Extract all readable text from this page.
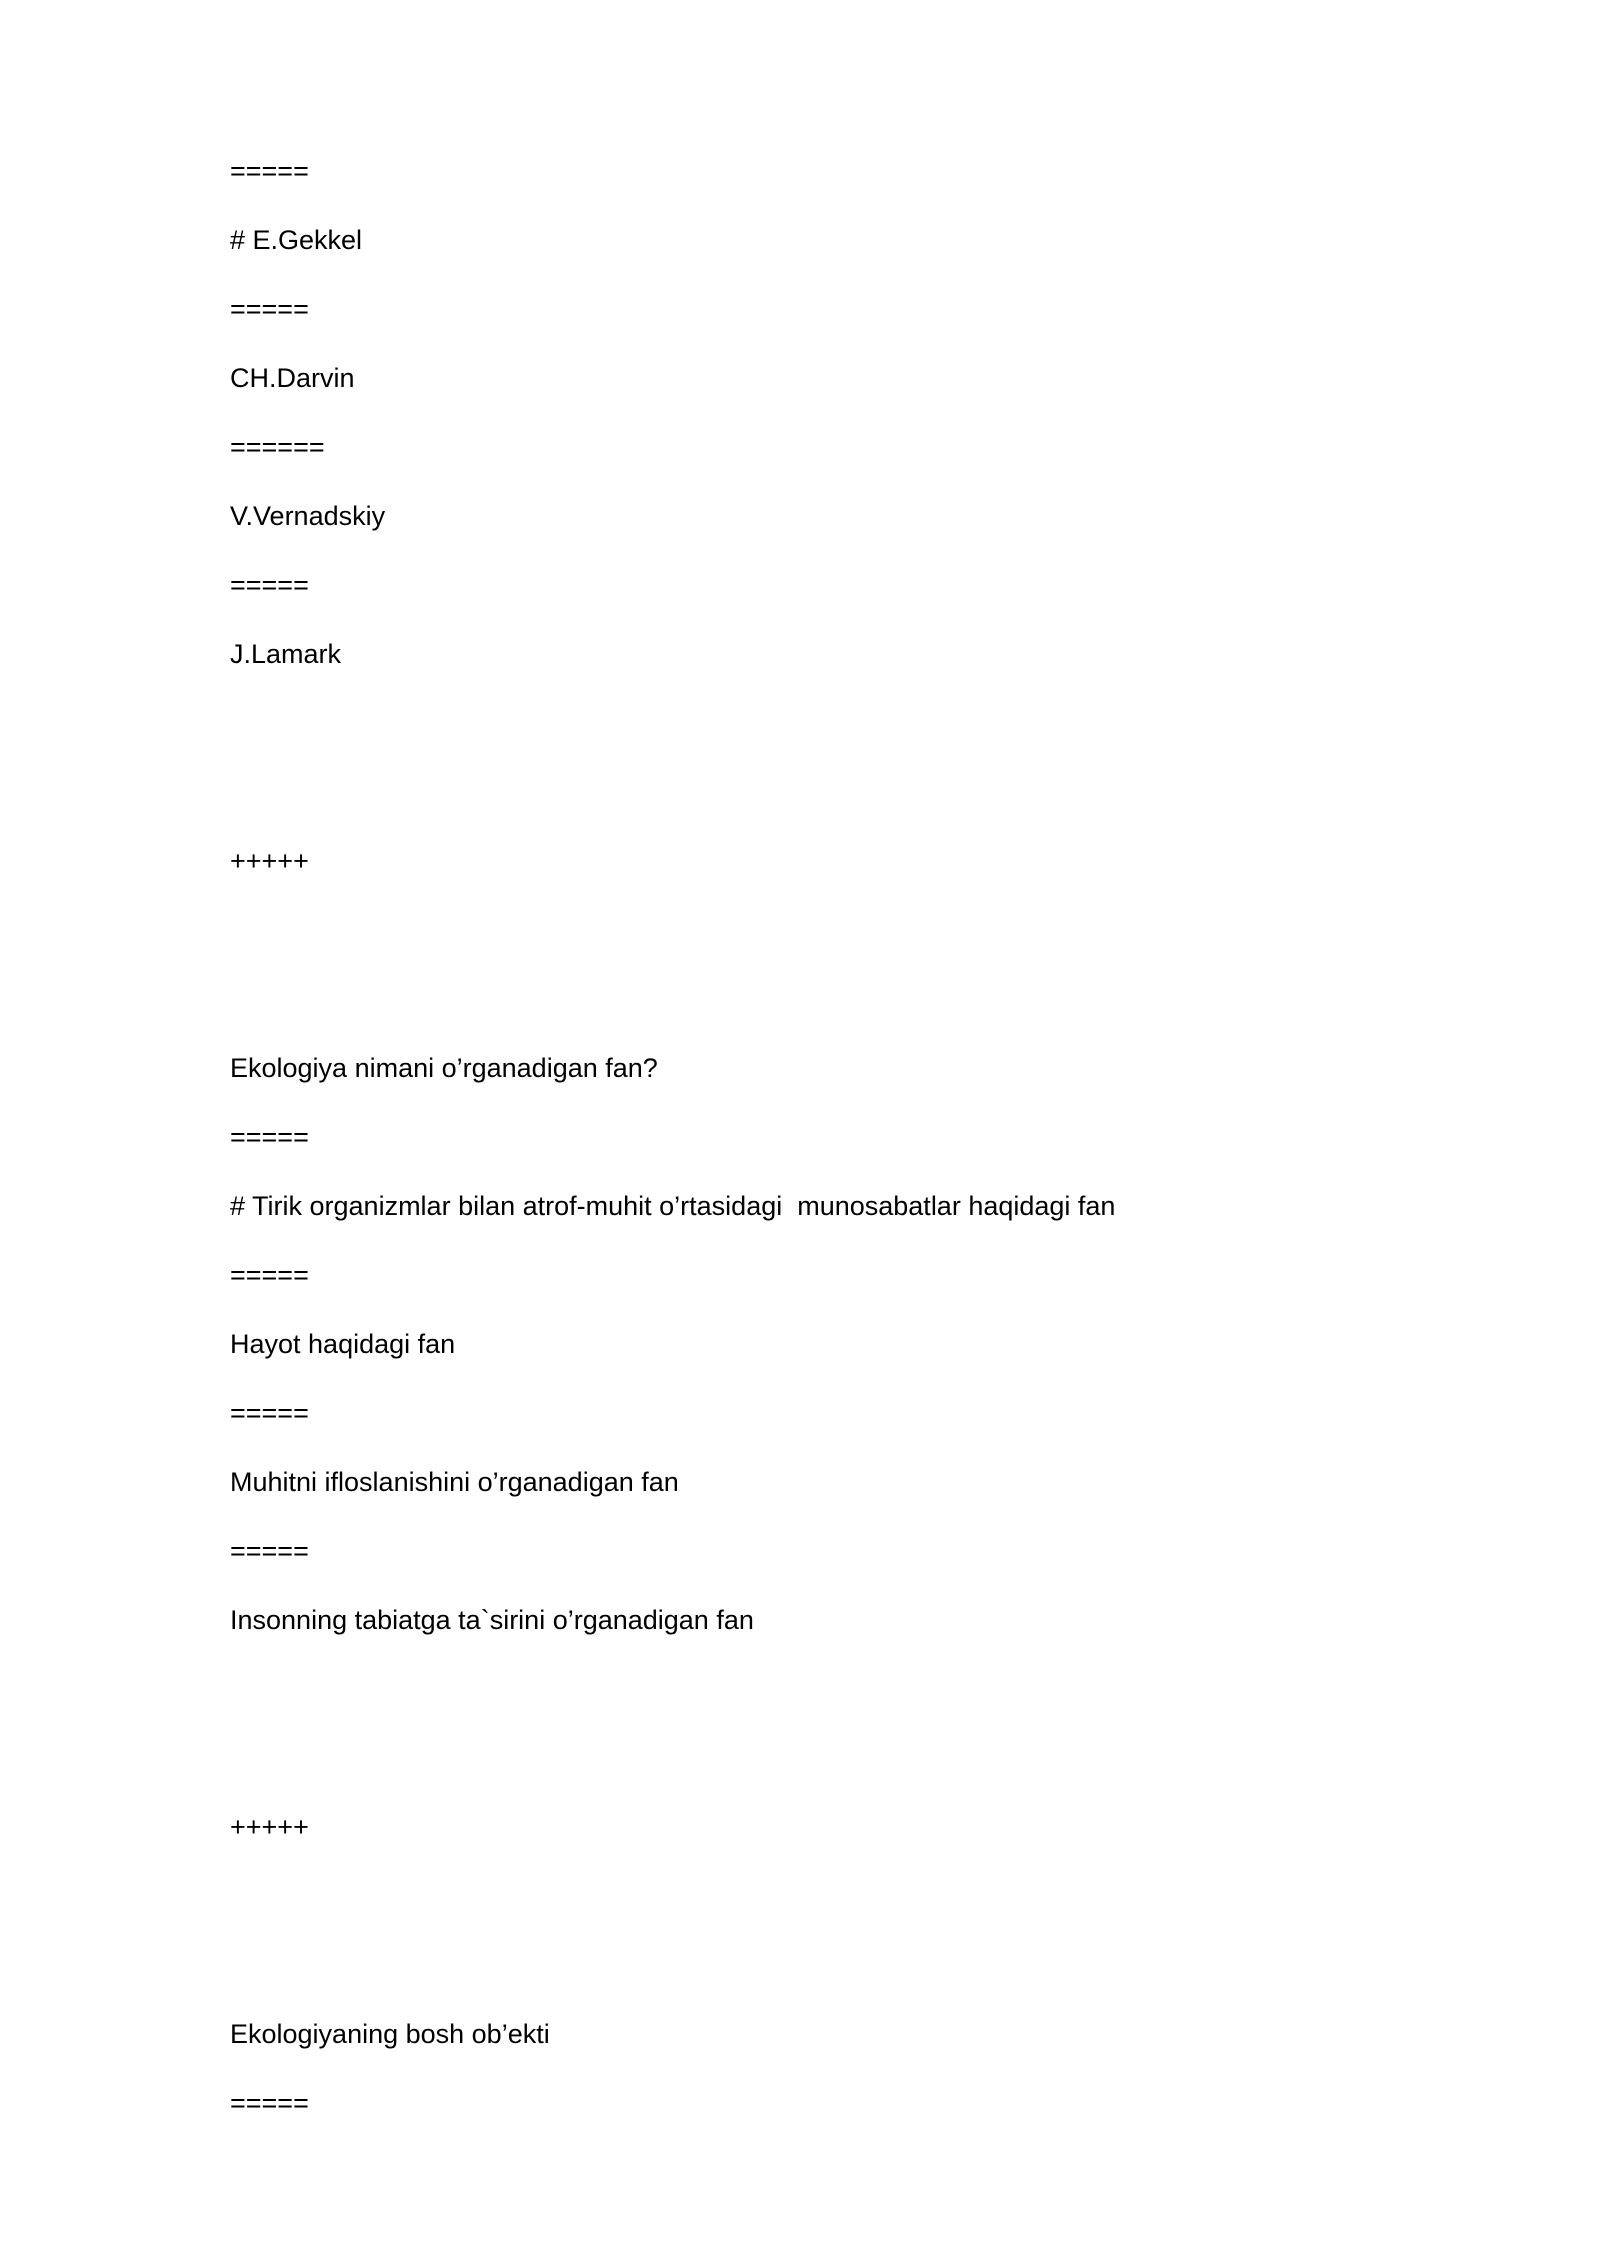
=====
# E.Gekkel
=====
CH.Darvin
======
V.Vernadskiy
=====
J.Lamark
+++++
Ekologiya nimani o’rganadigan fan?
=====
# Tirik organizmlar bilan atrof-muhit o’rtasidagi  munosabatlar haqidagi fan
=====
Hayot haqidagi fan
=====
Muhitni ifloslanishini o’rganadigan fan
=====
Insonning tabiatga ta`sirini o’rganadigan fan
+++++
Ekologiyaning bosh ob’ekti
=====
